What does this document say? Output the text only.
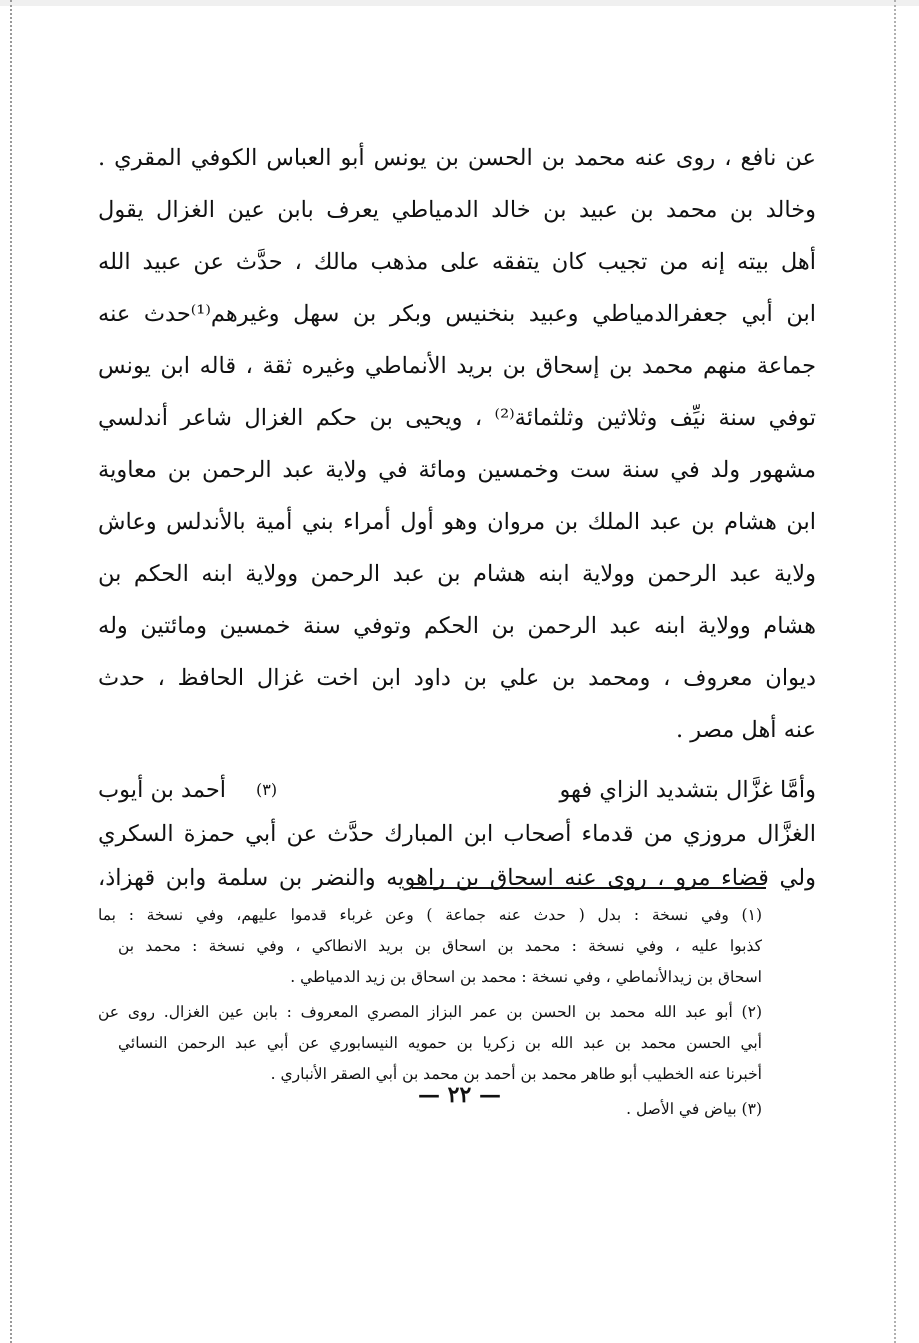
عن نافع ، روى عنه محمد بن الحسن بن يونس أبو العباس الكوفي المقري .
وخالد بن محمد بن عبيد بن خالد الدمياطي يعرف بابن عين الغزال يقول
أهل بيته إنه من تجيب كان يتفقه على مذهب مالك ، حدَّث عن عبيد الله
ابن أبي جعفرالدمياطي وعبيد بنخنيس وبكر بن سهل وغيرهم⁽¹⁾حدث عنه
جماعة منهم محمد بن إسحاق بن بريد الأنماطي وغيره ثقة ، قاله ابن يونس
توفي سنة نيِّف وثلاثين وثلثمائة⁽²⁾ ، ويحيى بن حكم الغزال شاعر أندلسي
مشهور ولد في سنة ست وخمسين ومائة في ولاية عبد الرحمن بن معاوية
ابن هشام بن عبد الملك بن مروان وهو أول أمراء بني أمية بالأندلس وعاش
ولاية عبد الرحمن وولاية ابنه هشام بن عبد الرحمن وولاية ابنه الحكم بن
هشام وولاية ابنه عبد الرحمن بن الحكم وتوفي سنة خمسين ومائتين وله
ديوان معروف ، ومحمد بن علي بن داود ابن اخت غزال الحافظ ، حدث
عنه أهل مصر .
وأمَّا غزَّال بتشديد الزاي فهو
(٣)
أحمد بن أيوب
الغزَّال مروزي من قدماء أصحاب ابن المبارك حدَّث عن أبي حمزة السكري
ولي قضاء مرو ، روى عنه اسحاق بن راهويه والنضر بن سلمة وابن قهزاذ،
(١) وفي نسخة : بدل ( حدث عنه جماعة ) وعن غرباء قدموا عليهم، وفي نسخة : بما
كذبوا عليه ، وفي نسخة : محمد بن اسحاق بن بريد الانطاكي ، وفي نسخة : محمد بن
اسحاق بن زيدالأنماطي ، وفي نسخة : محمد بن اسحاق بن زيد الدمياطي .
(٢) أبو عبد الله محمد بن الحسن بن عمر البزاز المصري المعروف : بابن عين الغزال. روى عن
أبي الحسن محمد بن عبد الله بن زكريا بن حمويه النيسابوري عن أبي عبد الرحمن النسائي
أخبرنا عنه الخطيب أبو طاهر محمد بن أحمد بن محمد بن أبي الصقر الأنباري .
(٣) بياض في الأصل .
— ٢٢ —
